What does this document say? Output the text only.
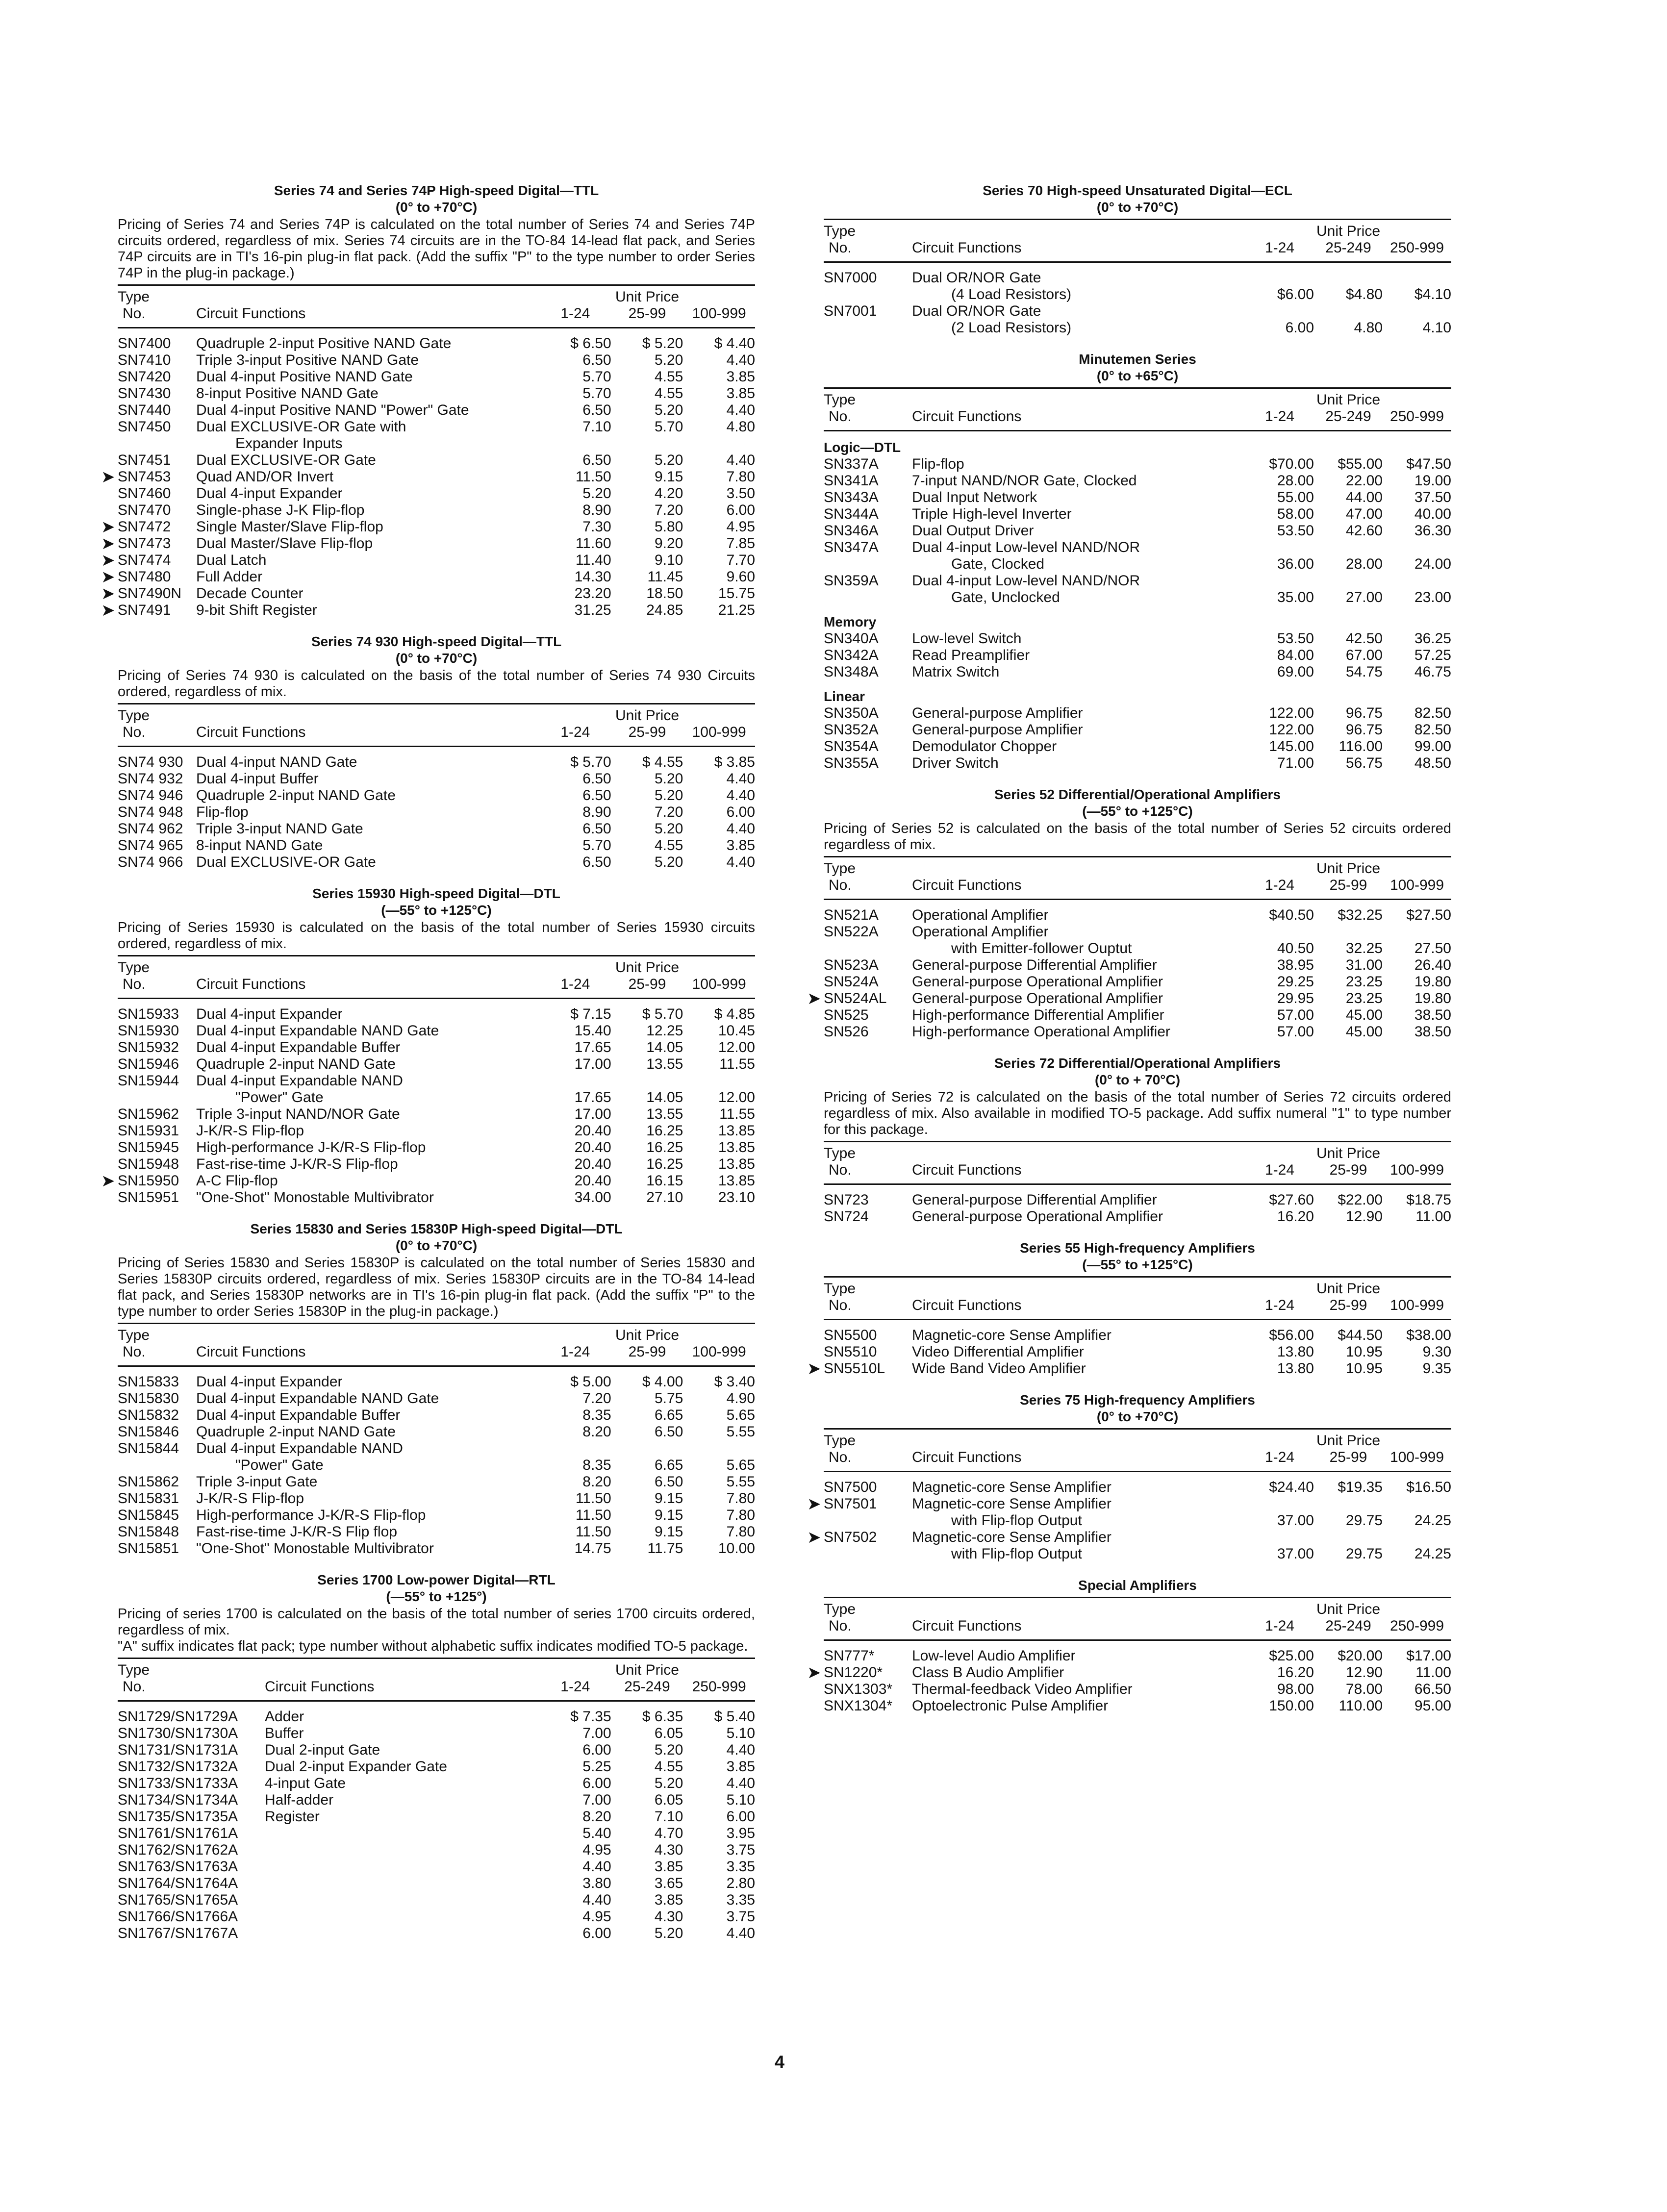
Series 74 and Series 74P High-speed Digital—TTL
(0° to +70°C)

Pricing of Series 74 and Series 74P is calculated on the total number of Series 74 and Series 74P circuits ordered, regardless of mix. Series 74 circuits are in the TO-84 14-lead flat pack, and Series 74P circuits are in TI's 16-pin plug-in flat pack. (Add the suffix "P" to the type number to order Series 74P in the plug-in package.)

Type			Unit Price	
No.	Circuit Functions	1-24	25-99	100-999
SN7400	Quadruple 2-input Positive NAND Gate	$ 6.50	$ 5.20	$ 4.40
SN7410	Triple 3-input Positive NAND Gate	6.50	5.20	4.40
SN7420	Dual 4-input Positive NAND Gate	5.70	4.55	3.85
SN7430	8-input Positive NAND Gate	5.70	4.55	3.85
SN7440	Dual 4-input Positive NAND "Power" Gate	6.50	5.20	4.40
SN7450	Dual EXCLUSIVE-OR Gate with	7.10	5.70	4.80
	Expander Inputs			
SN7451	Dual EXCLUSIVE-OR Gate	6.50	5.20	4.40

➤ SN7453	Quad AND/OR Invert	11.50	9.15	7.80
SN7460	Dual 4-input Expander	5.20	4.20	3.50
SN7470	Single-phase J-K Flip-flop	8.90	7.20	6.00

➤ SN7472	Single Master/Slave Flip-flop	7.30	5.80	4.95

➤ SN7473	Dual Master/Slave Flip-flop	11.60	9.20	7.85

➤ SN7474	Dual Latch	11.40	9.10	7.70

➤ SN7480	Full Adder	14.30	11.45	9.60

➤ SN7490N	Decade Counter	23.20	18.50	15.75

➤ SN7491	9-bit Shift Register	31.25	24.85	21.25
Series 74 930 High-speed Digital—TTL
(0° to +70°C)

Pricing of Series 74 930 is calculated on the basis of the total number of Series 74 930 Circuits ordered, regardless of mix.

Type			Unit Price	
No.	Circuit Functions	1-24	25-99	100-999
SN74 930	Dual 4-input NAND Gate	$ 5.70	$ 4.55	$ 3.85
SN74 932	Dual 4-input Buffer	6.50	5.20	4.40
SN74 946	Quadruple 2-input NAND Gate	6.50	5.20	4.40
SN74 948	Flip-flop	8.90	7.20	6.00
SN74 962	Triple 3-input NAND Gate	6.50	5.20	4.40
SN74 965	8-input NAND Gate	5.70	4.55	3.85
SN74 966	Dual EXCLUSIVE-OR Gate	6.50	5.20	4.40
Series 15930 High-speed Digital—DTL
(—55° to +125°C)

Pricing of Series 15930 is calculated on the basis of the total number of Series 15930 circuits ordered, regardless of mix.

Type			Unit Price	
No.	Circuit Functions	1-24	25-99	100-999
SN15933	Dual 4-input Expander	$ 7.15	$ 5.70	$ 4.85
SN15930	Dual 4-input Expandable NAND Gate	15.40	12.25	10.45
SN15932	Dual 4-input Expandable Buffer	17.65	14.05	12.00
SN15946	Quadruple 2-input NAND Gate	17.00	13.55	11.55
SN15944	Dual 4-input Expandable NAND			
	"Power" Gate	17.65	14.05	12.00
SN15962	Triple 3-input NAND/NOR Gate	17.00	13.55	11.55
SN15931	J-K/R-S Flip-flop	20.40	16.25	13.85
SN15945	High-performance J-K/R-S Flip-flop	20.40	16.25	13.85
SN15948	Fast-rise-time J-K/R-S Flip-flop	20.40	16.25	13.85

➤ SN15950	A-C Flip-flop	20.40	16.15	13.85
SN15951	"One-Shot" Monostable Multivibrator	34.00	27.10	23.10
Series 15830 and Series 15830P High-speed Digital—DTL
(0° to +70°C)

Pricing of Series 15830 and Series 15830P is calculated on the total number of Series 15830 and Series 15830P circuits ordered, regardless of mix. Series 15830P circuits are in the TO-84 14-lead flat pack, and Series 15830P networks are in TI's 16-pin plug-in flat pack. (Add the suffix "P" to the type number to order Series 15830P in the plug-in package.)

Type			Unit Price	
No.	Circuit Functions	1-24	25-99	100-999
SN15833	Dual 4-input Expander	$ 5.00	$ 4.00	$ 3.40
SN15830	Dual 4-input Expandable NAND Gate	7.20	5.75	4.90
SN15832	Dual 4-input Expandable Buffer	8.35	6.65	5.65
SN15846	Quadruple 2-input NAND Gate	8.20	6.50	5.55
SN15844	Dual 4-input Expandable NAND			
	"Power" Gate	8.35	6.65	5.65
SN15862	Triple 3-input Gate	8.20	6.50	5.55
SN15831	J-K/R-S Flip-flop	11.50	9.15	7.80
SN15845	High-performance J-K/R-S Flip-flop	11.50	9.15	7.80
SN15848	Fast-rise-time J-K/R-S Flip flop	11.50	9.15	7.80
SN15851	"One-Shot" Monostable Multivibrator	14.75	11.75	10.00
Series 1700 Low-power Digital—RTL
(—55° to +125°)

Pricing of series 1700 is calculated on the basis of the total number of series 1700 circuits ordered, regardless of mix.

"A" suffix indicates flat pack; type number without alphabetic suffix indicates modified TO-5 package.

Type			Unit Price	
No.	Circuit Functions	1-24	25-249	250-999
SN1729/SN1729A	Adder	$ 7.35	$ 6.35	$ 5.40
SN1730/SN1730A	Buffer	7.00	6.05	5.10
SN1731/SN1731A	Dual 2-input Gate	6.00	5.20	4.40
SN1732/SN1732A	Dual 2-input Expander Gate	5.25	4.55	3.85
SN1733/SN1733A	4-input Gate	6.00	5.20	4.40
SN1734/SN1734A	Half-adder	7.00	6.05	5.10
SN1735/SN1735A	Register	8.20	7.10	6.00
SN1761/SN1761A		5.40	4.70	3.95
SN1762/SN1762A		4.95	4.30	3.75
SN1763/SN1763A		4.40	3.85	3.35
SN1764/SN1764A		3.80	3.65	2.80
SN1765/SN1765A		4.40	3.85	3.35
SN1766/SN1766A		4.95	4.30	3.75
SN1767/SN1767A		6.00	5.20	4.40
Series 70 High-speed Unsaturated Digital—ECL
(0° to +70°C)
Type			Unit Price	
No.	Circuit Functions	1-24	25-249	250-999
SN7000	Dual OR/NOR Gate			
	(4 Load Resistors)	$6.00	$4.80	$4.10
SN7001	Dual OR/NOR Gate			
	(2 Load Resistors)	6.00	4.80	4.10
Minutemen Series
(0° to +65°C)
Type			Unit Price	
No.	Circuit Functions	1-24	25-249	250-999
Logic—DTL				
SN337A	Flip-flop	$70.00	$55.00	$47.50
SN341A	7-input NAND/NOR Gate, Clocked	28.00	22.00	19.00
SN343A	Dual Input Network	55.00	44.00	37.50
SN344A	Triple High-level Inverter	58.00	47.00	40.00
SN346A	Dual Output Driver	53.50	42.60	36.30
SN347A	Dual 4-input Low-level NAND/NOR			
	Gate, Clocked	36.00	28.00	24.00
SN359A	Dual 4-input Low-level NAND/NOR			
	Gate, Unclocked	35.00	27.00	23.00
Memory				
SN340A	Low-level Switch	53.50	42.50	36.25
SN342A	Read Preamplifier	84.00	67.00	57.25
SN348A	Matrix Switch	69.00	54.75	46.75
Linear				
SN350A	General-purpose Amplifier	122.00	96.75	82.50
SN352A	General-purpose Amplifier	122.00	96.75	82.50
SN354A	Demodulator Chopper	145.00	116.00	99.00
SN355A	Driver Switch	71.00	56.75	48.50
Series 52 Differential/Operational Amplifiers
(—55° to +125°C)

Pricing of Series 52 is calculated on the basis of the total number of Series 52 circuits ordered regardless of mix.

Type			Unit Price	
No.	Circuit Functions	1-24	25-99	100-999
SN521A	Operational Amplifier	$40.50	$32.25	$27.50
SN522A	Operational Amplifier			
	with Emitter-follower Ouptut	40.50	32.25	27.50
SN523A	General-purpose Differential Amplifier	38.95	31.00	26.40
SN524A	General-purpose Operational Amplifier	29.25	23.25	19.80

➤ SN524AL	General-purpose Operational Amplifier	29.95	23.25	19.80
SN525	High-performance Differential Amplifier	57.00	45.00	38.50
SN526	High-performance Operational Amplifier	57.00	45.00	38.50
Series 72 Differential/Operational Amplifiers
(0° to + 70°C)

Pricing of Series 72 is calculated on the basis of the total number of Series 72 circuits ordered regardless of mix. Also available in modified TO-5 package. Add suffix numeral "1" to type number for this package.

Type			Unit Price	
No.	Circuit Functions	1-24	25-99	100-999
SN723	General-purpose Differential Amplifier	$27.60	$22.00	$18.75
SN724	General-purpose Operational Amplifier	16.20	12.90	11.00
Series 55 High-frequency Amplifiers
(—55° to +125°C)
Type			Unit Price	
No.	Circuit Functions	1-24	25-99	100-999
SN5500	Magnetic-core Sense Amplifier	$56.00	$44.50	$38.00
SN5510	Video Differential Amplifier	13.80	10.95	9.30

➤ SN5510L	Wide Band Video Amplifier	13.80	10.95	9.35
Series 75 High-frequency Amplifiers
(0° to +70°C)
Type			Unit Price	
No.	Circuit Functions	1-24	25-99	100-999
SN7500	Magnetic-core Sense Amplifier	$24.40	$19.35	$16.50

➤ SN7501	Magnetic-core Sense Amplifier			
	with Flip-flop Output	37.00	29.75	24.25

➤ SN7502	Magnetic-core Sense Amplifier			
	with Flip-flop Output	37.00	29.75	24.25
Special Amplifiers
Type			Unit Price	
No.	Circuit Functions	1-24	25-249	250-999
SN777*	Low-level Audio Amplifier	$25.00	$20.00	$17.00

➤ SN1220*	Class B Audio Amplifier	16.20	12.90	11.00
SNX1303*	Thermal-feedback Video Amplifier	98.00	78.00	66.50
SNX1304*	Optoelectronic Pulse Amplifier	150.00	110.00	95.00
4
